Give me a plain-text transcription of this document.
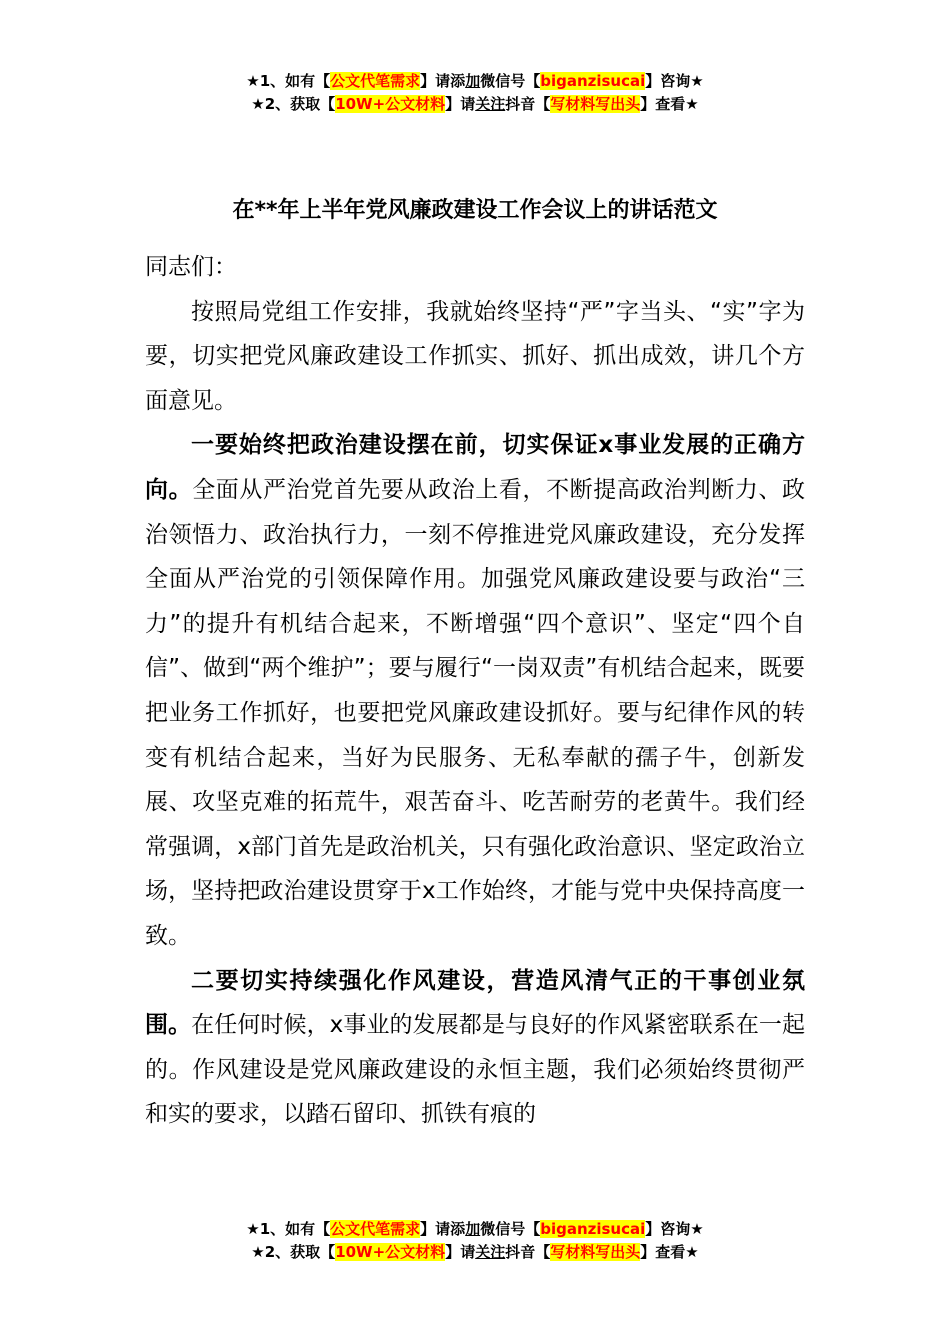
★1、如有【公文代笔需求】请添加微信号【biganzisucai】咨询★
★2、获取【10W+公文材料】请关注抖音【写材料写出头】查看★
在**年上半年党风廉政建设工作会议上的讲话范文

同志们：

按照局党组工作安排，我就始终坚持“严”字当头、“实”字为要，切实把党风廉政建设工作抓实、抓好、抓出成效，讲几个方面意见。

一要始终把政治建设摆在前，切实保证x事业发展的正确方向。全面从严治党首先要从政治上看，不断提高政治判断力、政治领悟力、政治执行力，一刻不停推进党风廉政建设，充分发挥全面从严治党的引领保障作用。加强党风廉政建设要与政治“三力”的提升有机结合起来，不断增强“四个意识”、坚定“四个自信”、做到“两个维护”；要与履行“一岗双责”有机结合起来，既要把业务工作抓好，也要把党风廉政建设抓好。要与纪律作风的转变有机结合起来，当好为民服务、无私奉献的孺子牛，创新发展、攻坚克难的拓荒牛，艰苦奋斗、吃苦耐劳的老黄牛。我们经常强调，x部门首先是政治机关，只有强化政治意识、坚定政治立场，坚持把政治建设贯穿于x工作始终，才能与党中央保持高度一致。

二要切实持续强化作风建设，营造风清气正的干事创业氛围。在任何时候，x事业的发展都是与良好的作风紧密联系在一起的。作风建设是党风廉政建设的永恒主题，我们必须始终贯彻严和实的要求，以踏石留印、抓铁有痕的

★1、如有【公文代笔需求】请添加微信号【biganzisucai】咨询★
★2、获取【10W+公文材料】请关注抖音【写材料写出头】查看★
